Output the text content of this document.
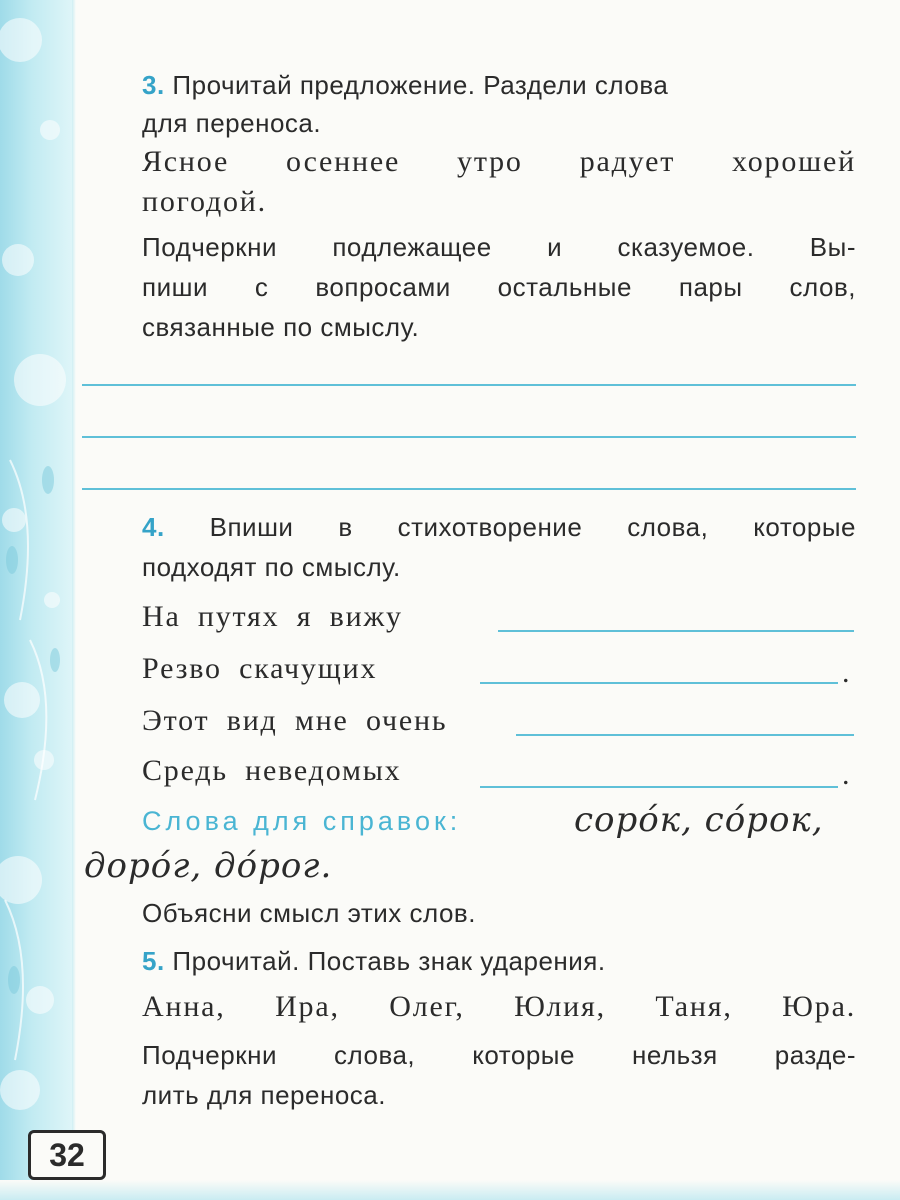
3. Прочитай предложение. Раздели слова
для переноса.
Ясное осеннее утро радует хорошей
погодой.
Подчеркни подлежащее и сказуемое. Вы-
пиши с вопросами остальные пары слов,
связанные по смыслу.
4. Впиши в стихотворение слова, которые
подходят по смыслу.
На путях я вижу
Резво скачущих	.
Этот вид мне очень
Средь неведомых	.
Слова для справок:	соро́к, со́рок,
доро́г, до́рог.
Объясни смысл этих слов.
5. Прочитай. Поставь знак ударения.
Анна, Ира, Олег, Юлия, Таня, Юра.
Подчеркни слова, которые нельзя разде-
лить для переноса.
32
